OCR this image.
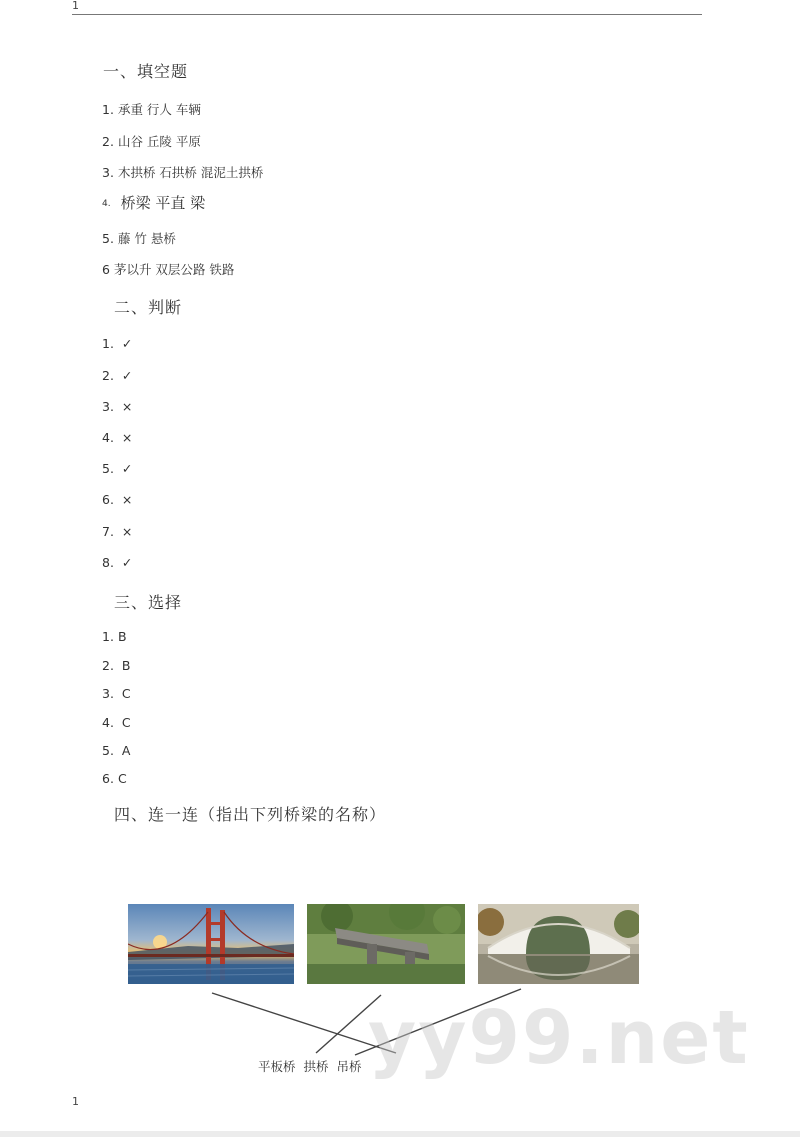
1
一、填空题
1. 承重 行人 车辆
2. 山谷 丘陵 平原
3. 木拱桥 石拱桥 混泥土拱桥
4. 桥梁 平直 梁
5. 藤 竹 悬桥
6 茅以升 双层公路 铁路
二、判断
1. ✓
2. ✓
3. ×
4. ×
5. ✓
6. ×
7. ×
8. ✓
三、选择
1. B
2. B
3. C
4. C
5. A
6. C
四、连一连（指出下列桥梁的名称）
平板桥 拱桥 吊桥 yy99.net
1
